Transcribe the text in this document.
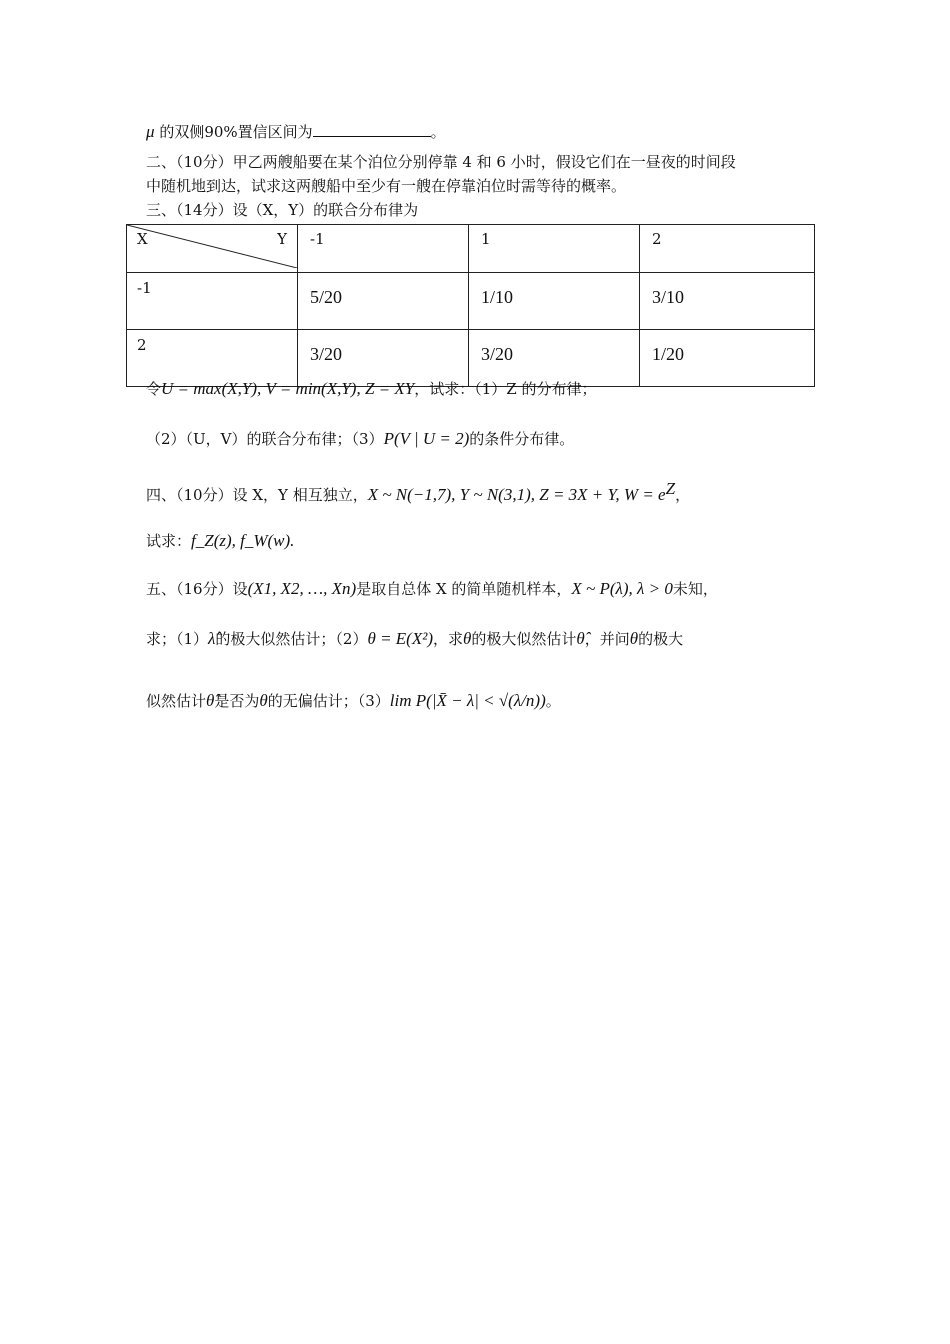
μ 的双侧90%置信区间为	。
二、（10分）甲乙两艘船要在某个泊位分别停靠 4 和 6 小时，假设它们在一昼夜的时间段
中随机地到达，试求这两艘船中至少有一艘在停靠泊位时需等待的概率。
三、（14分）设（X，Y）的联合分布律为
X Y	-1	1	2
-1	5/20	1/10	3/10
2	3/20	3/20	1/20
令U = max(X,Y), V = min(X,Y), Z = XY，试求：（1）Z 的分布律；
（2）（U，V）的联合分布律；（3）P(V | U = 2)的条件分布律。
四、（10分）设 X，Y 相互独立，X ~ N(−1,7), Y ~ N(3,1), Z = 3X + Y, $W = e^Z$，
试求：f_Z(z), f_W(w).
五、（16分）设(X1, X2, …, Xn)是取自总体 X 的简单随机样本，X ~ P(λ), λ > 0未知，
求；（1）λ̂的极大似然估计；（2）θ = E(X²)，求θ的极大似然估计θ̂，并问θ的极大
似然估计θ̂是否为θ的无偏估计；（3）lim P(|X̄ − λ| < √(λ/n))。
